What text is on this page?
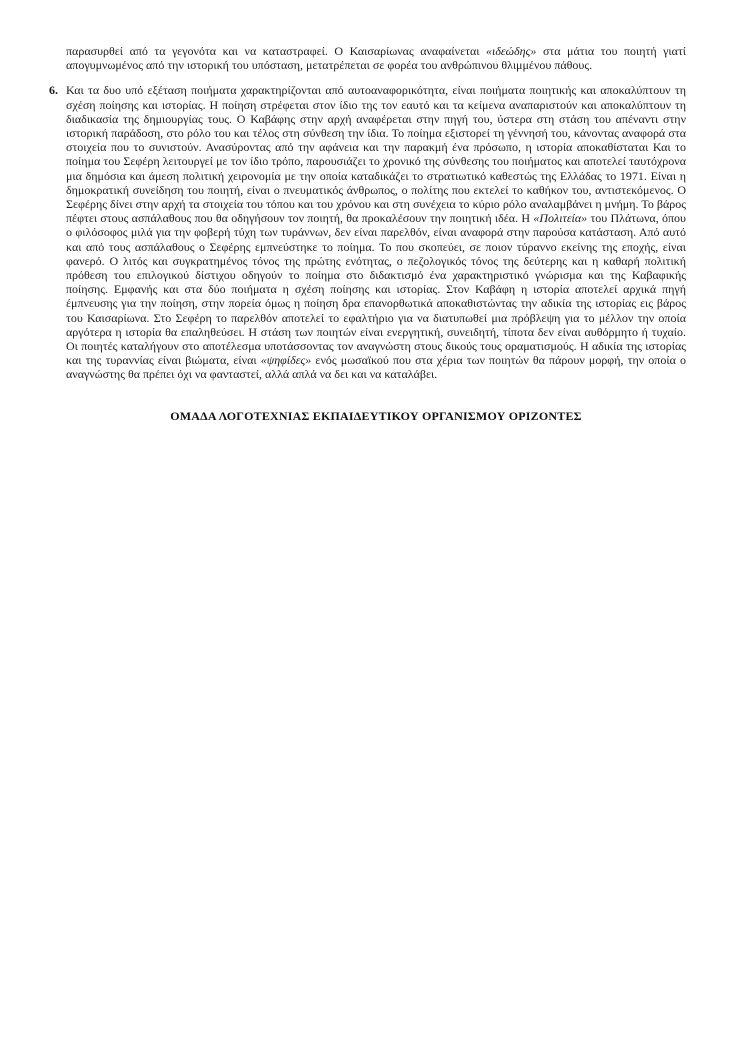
παρασυρθεί από τα γεγονότα και να καταστραφεί. Ο Καισαρίωνας αναφαίνεται «ιδεώδης» στα μάτια του ποιητή γιατί απογυμνωμένος από την ιστορική του υπόσταση, μετατρέπεται σε φορέα του ανθρώπινου θλιμμένου πάθους.

6. Και τα δυο υπό εξέταση ποιήματα χαρακτηρίζονται από αυτοαναφορικότητα, είναι ποιήματα ποιητικής και αποκαλύπτουν τη σχέση ποίησης και ιστορίας. Η ποίηση στρέφεται στον ίδιο της τον εαυτό και τα κείμενα αναπαριστούν και αποκαλύπτουν τη διαδικασία της δημιουργίας τους. Ο Καβάφης στην αρχή αναφέρεται στην πηγή του, ύστερα στη στάση του απέναντι στην ιστορική παράδοση, στο ρόλο του και τέλος στη σύνθεση την ίδια. Το ποίημα εξιστορεί τη γέννησή του, κάνοντας αναφορά στα στοιχεία που το συνιστούν. Ανασύροντας από την αφάνεια και την παρακμή ένα πρόσωπο, η ιστορία αποκαθίσταται Και το ποίημα του Σεφέρη λειτουργεί με τον ίδιο τρόπο, παρουσιάζει το χρονικό της σύνθεσης του ποιήματος και αποτελεί ταυτόχρονα μια δημόσια και άμεση πολιτική χειρονομία με την οποία καταδικάζει το στρατιωτικό καθεστώς της Ελλάδας το 1971. Είναι η δημοκρατική συνείδηση του ποιητή, είναι ο πνευματικός άνθρωπος, ο πολίτης που εκτελεί το καθήκον του, αντιστεκόμενος. Ο Σεφέρης δίνει στην αρχή τα στοιχεία του τόπου και του χρόνου και στη συνέχεια το κύριο ρόλο αναλαμβάνει η μνήμη. Το βάρος πέφτει στους ασπάλαθους που θα οδηγήσουν τον ποιητή, θα προκαλέσουν την ποιητική ιδέα. Η «Πολιτεία» του Πλάτωνα, όπου ο φιλόσοφος μιλά για την φοβερή τύχη των τυράννων, δεν είναι παρελθόν, είναι αναφορά στην παρούσα κατάσταση. Από αυτό και από τους ασπάλαθους ο Σεφέρης εμπνεύστηκε το ποίημα. Το που σκοπεύει, σε ποιον τύραννο εκείνης της εποχής, είναι φανερό. Ο λιτός και συγκρατημένος τόνος της πρώτης ενότητας, ο πεζολογικός τόνος της δεύτερης και η καθαρή πολιτική πρόθεση του επιλογικού δίστιχου οδηγούν το ποίημα στο διδακτισμό ένα χαρακτηριστικό γνώρισμα και της Καβαφικής ποίησης. Εμφανής και στα δύο ποιήματα η σχέση ποίησης και ιστορίας. Στον Καβάφη η ιστορία αποτελεί αρχικά πηγή έμπνευσης για την ποίηση, στην πορεία όμως η ποίηση δρα επανορθωτικά αποκαθιστώντας την αδικία της ιστορίας εις βάρος του Καισαρίωνα. Στο Σεφέρη το παρελθόν αποτελεί το εφαλτήριο για να διατυπωθεί μια πρόβλεψη για το μέλλον την οποία αργότερα η ιστορία θα επαληθεύσει. Η στάση των ποιητών είναι ενεργητική, συνειδητή, τίποτα δεν είναι αυθόρμητο ή τυχαίο. Οι ποιητές καταλήγουν στο αποτέλεσμα υποτάσσοντας τον αναγνώστη στους δικούς τους οραματισμούς. Η αδικία της ιστορίας και της τυραννίας είναι βιώματα, είναι «ψηφίδες» ενός μωσαϊκού που στα χέρια των ποιητών θα πάρουν μορφή, την οποία ο αναγνώστης θα πρέπει όχι να φανταστεί, αλλά απλά να δει και να καταλάβει.

ΟΜΑΔΑ ΛΟΓΟΤΕΧΝΙΑΣ ΕΚΠΑΙΔΕΥΤΙΚΟΥ ΟΡΓΑΝΙΣΜΟΥ ΟΡΙΖΟΝΤΕΣ
